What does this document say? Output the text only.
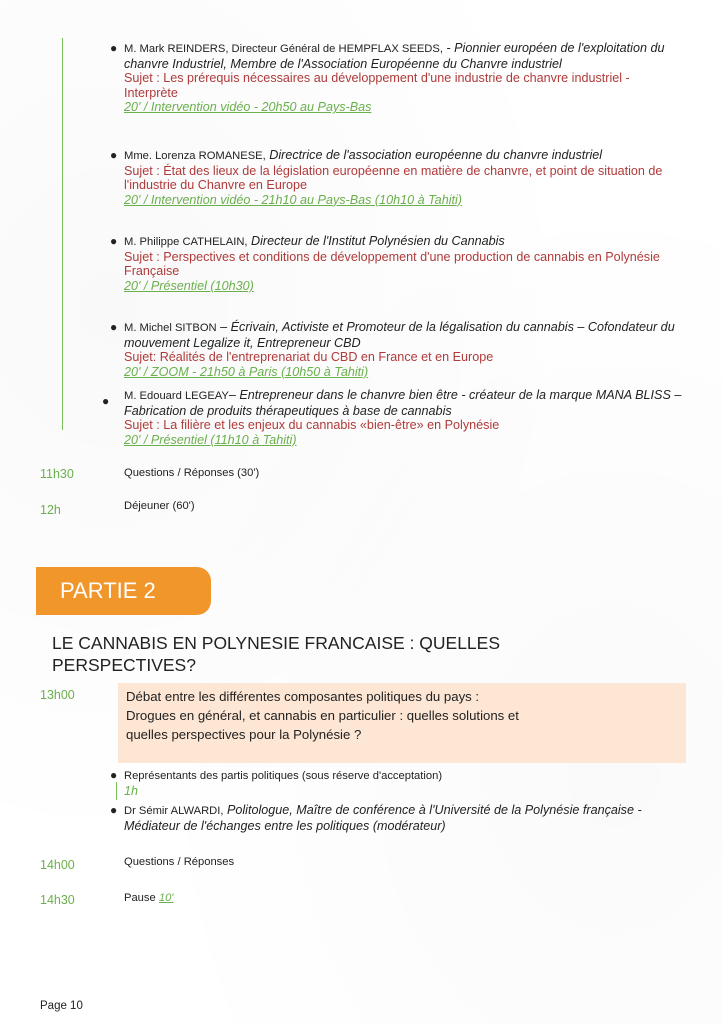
● M. Mark REINDERS, Directeur Général de HEMPFLAX SEEDS, - Pionnier européen de l'exploitation du chanvre Industriel, Membre de l'Association Européenne du Chanvre industriel
Sujet : Les prérequis nécessaires au développement d'une industrie de chanvre industriel - Interprète
20' / Intervention vidéo - 20h50 au Pays-Bas
● Mme. Lorenza ROMANESE, Directrice de l'association européenne du chanvre industriel
Sujet : État des lieux de la législation européenne en matière de chanvre, et point de situation de l'industrie du Chanvre en Europe
20' / Intervention vidéo - 21h10 au Pays-Bas (10h10 à Tahiti)
● M. Philippe CATHELAIN, Directeur de l'Institut Polynésien du Cannabis
Sujet : Perspectives et conditions de développement d'une production de cannabis en Polynésie Française
20' / Présentiel (10h30)
● M. Michel SITBON – Écrivain, Activiste et Promoteur de la légalisation du cannabis – Cofondateur du mouvement Legalize it, Entrepreneur CBD
Sujet: Réalités de l'entreprenariat du CBD en France et en Europe
20' / ZOOM - 21h50 à Paris (10h50 à Tahiti)
● M. Edouard LEGEAY– Entrepreneur dans le chanvre bien être - créateur de la marque MANA BLISS –Fabrication de produits thérapeutiques à base de cannabis
Sujet : La filière et les enjeux du cannabis «bien-être» en Polynésie
20' / Présentiel (11h10 à Tahiti)
11h30	Questions / Réponses (30')
12h	Déjeuner (60')
PARTIE 2
LE CANNABIS EN POLYNESIE FRANCAISE : QUELLES PERSPECTIVES?
13h00	Débat entre les différentes composantes politiques du pays :
Drogues en général, et cannabis en particulier : quelles solutions et
quelles perspectives pour la Polynésie ?
● Représentants des partis politiques (sous réserve d'acceptation)
1h
● Dr Sémir ALWARDI, Politologue, Maître de conférence à l'Université de la Polynésie française - Médiateur de l'échanges entre les politiques (modérateur)
14h00	Questions / Réponses
14h30	Pause 10'
Page 10
